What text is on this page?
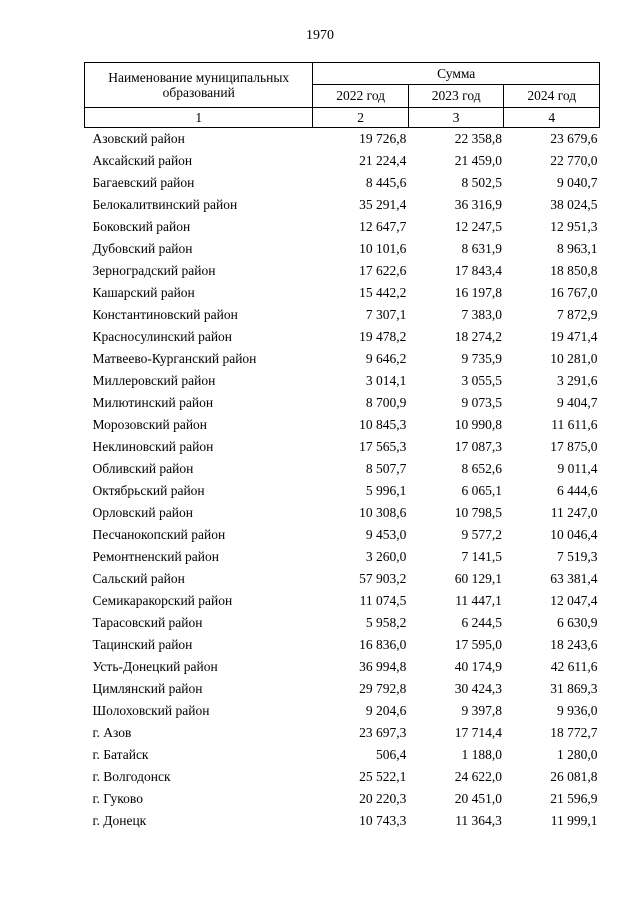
1970
Наименование муниципальных образований	Сумма		
	2022 год	2023 год	2024 год
1	2	3	4
Азовский район	19 726,8	22 358,8	23 679,6
Аксайский район	21 224,4	21 459,0	22 770,0
Багаевский район	8 445,6	8 502,5	9 040,7
Белокалитвинский район	35 291,4	36 316,9	38 024,5
Боковский район	12 647,7	12 247,5	12 951,3
Дубовский район	10 101,6	8 631,9	8 963,1
Зерноградский район	17 622,6	17 843,4	18 850,8
Кашарский район	15 442,2	16 197,8	16 767,0
Константиновский район	7 307,1	7 383,0	7 872,9
Красносулинский район	19 478,2	18 274,2	19 471,4
Матвеево-Курганский район	9 646,2	9 735,9	10 281,0
Миллеровский район	3 014,1	3 055,5	3 291,6
Милютинский район	8 700,9	9 073,5	9 404,7
Морозовский район	10 845,3	10 990,8	11 611,6
Неклиновский район	17 565,3	17 087,3	17 875,0
Обливский район	8 507,7	8 652,6	9 011,4
Октябрьский район	5 996,1	6 065,1	6 444,6
Орловский район	10 308,6	10 798,5	11 247,0
Песчанокопский район	9 453,0	9 577,2	10 046,4
Ремонтненский район	3 260,0	7 141,5	7 519,3
Сальский район	57 903,2	60 129,1	63 381,4
Семикаракорский район	11 074,5	11 447,1	12 047,4
Тарасовский район	5 958,2	6 244,5	6 630,9
Тацинский район	16 836,0	17 595,0	18 243,6
Усть-Донецкий район	36 994,8	40 174,9	42 611,6
Цимлянский район	29 792,8	30 424,3	31 869,3
Шолоховский район	9 204,6	9 397,8	9 936,0
г. Азов	23 697,3	17 714,4	18 772,7
г. Батайск	506,4	1 188,0	1 280,0
г. Волгодонск	25 522,1	24 622,0	26 081,8
г. Гуково	20 220,3	20 451,0	21 596,9
г. Донецк	10 743,3	11 364,3	11 999,1
